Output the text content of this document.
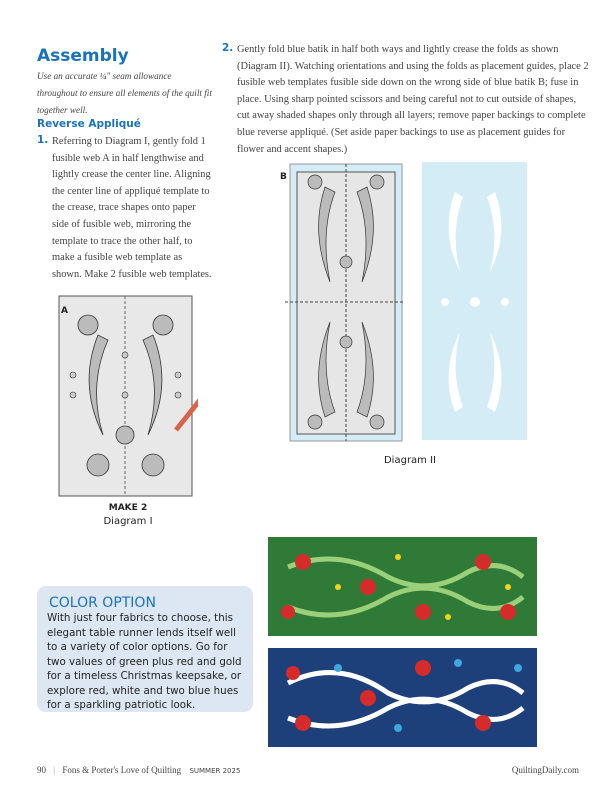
Assembly
Use an accurate ¼" seam allowance throughout to ensure all elements of the quilt fit together well.
Reverse Appliqué
1. Referring to Diagram I, gently fold 1 fusible web A in half lengthwise and lightly crease the center line. Aligning the center line of appliqué template to the crease, trace shapes onto paper side of fusible web, mirroring the template to trace the other half, to make a fusible web template as shown. Make 2 fusible web templates.
2. Gently fold blue batik in half both ways and lightly crease the folds as shown (Diagram II). Watching orientations and using the folds as placement guides, place 2 fusible web templates fusible side down on the wrong side of blue batik B; fuse in place. Using sharp pointed scissors and being careful not to cut outside of shapes, cut away shaded shapes only through all layers; remove paper backings to complete blue reverse appliqué. (Set aside paper backings to use as placement guides for flower and accent shapes.)
A
MAKE 2
Diagram I
B
Diagram II
COLOR OPTION
With just four fabrics to choose, this elegant table runner lends itself well to a variety of color options. Go for two values of green plus red and gold for a timeless Christmas keepsake, or explore red, white and two blue hues for a sparkling patriotic look.
90 | Fons & Porter's Love of Quilting SUMMER 2025	QuiltingDaily.com
